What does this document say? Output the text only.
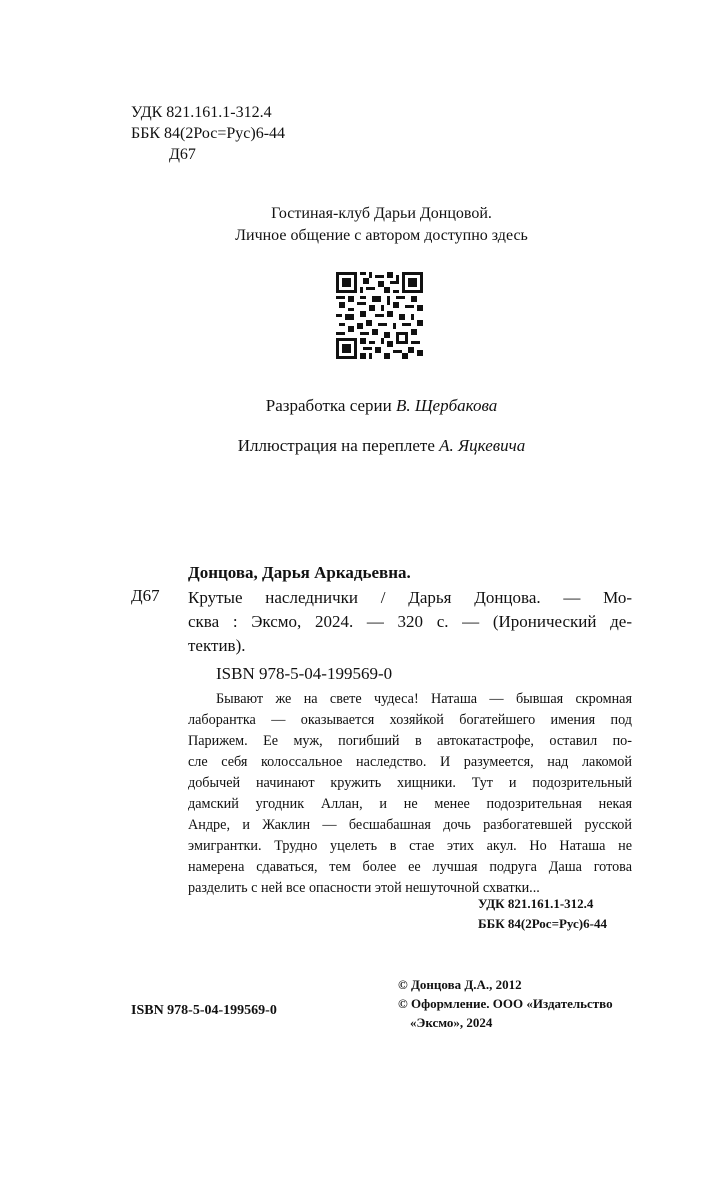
УДК 821.161.1-312.4
ББК 84(2Рос=Рус)6-44
Д67
Гостиная-клуб Дарьи Донцовой.
Личное общение с автором доступно здесь
Разработка серии В. Щербакова
Иллюстрация на переплете А. Яцкевича
Донцова, Дарья Аркадьевна.
Д67 Крутые наследнички / Дарья Донцова. — Мо-
сква : Эксмо, 2024. — 320 с. — (Иронический де-
тектив).
ISBN 978-5-04-199569-0
Бывают же на свете чудеса! Наташа — бывшая скромная
лаборантка — оказывается хозяйкой богатейшего имения под
Парижем. Ее муж, погибший в автокатастрофе, оставил по-
сле себя колоссальное наследство. И разумеется, над лакомой
добычей начинают кружить хищники. Тут и подозрительный
дамский угодник Аллан, и не менее подозрительная некая
Андре, и Жаклин — бесшабашная дочь разбогатевшей русской
эмигрантки. Трудно уцелеть в стае этих акул. Но Наташа не
намерена сдаваться, тем более ее лучшая подруга Даша готова
разделить с ней все опасности этой нешуточной схватки...
УДК 821.161.1-312.4
ББК 84(2Рос=Рус)6-44
© Донцова Д.А., 2012
© Оформление. ООО «Издательство
«Эксмо», 2024
ISBN 978-5-04-199569-0
